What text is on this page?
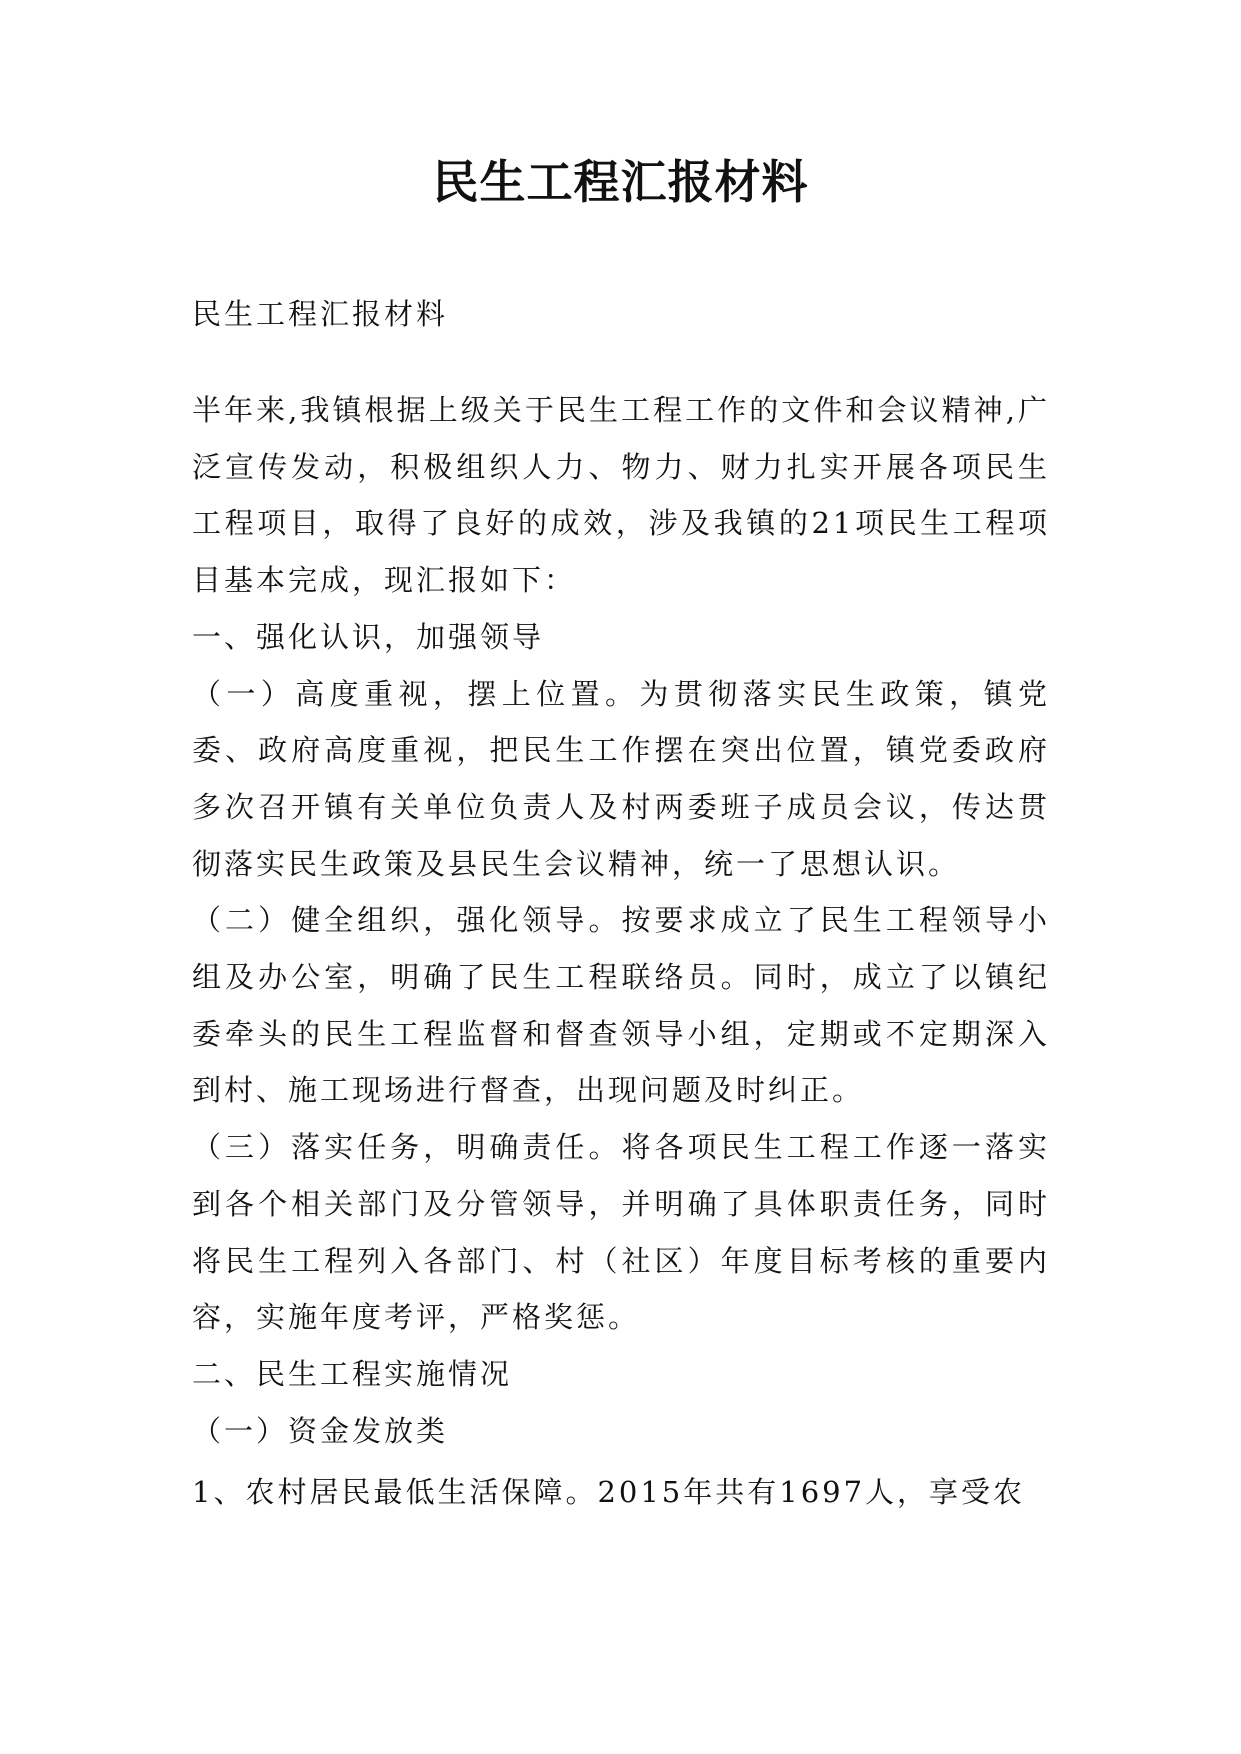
民生工程汇报材料
民生工程汇报材料

半年来,我镇根据上级关于民生工程工作的文件和会议精神,广泛宣传发动，积极组织人力、物力、财力扎实开展各项民生工程项目，取得了良好的成效，涉及我镇的21项民生工程项目基本完成，现汇报如下：

一、强化认识，加强领导

（一）高度重视，摆上位置。为贯彻落实民生政策，镇党委、政府高度重视，把民生工作摆在突出位置，镇党委政府多次召开镇有关单位负责人及村两委班子成员会议，传达贯彻落实民生政策及县民生会议精神，统一了思想认识。

（二）健全组织，强化领导。按要求成立了民生工程领导小组及办公室，明确了民生工程联络员。同时，成立了以镇纪委牵头的民生工程监督和督查领导小组，定期或不定期深入到村、施工现场进行督查，出现问题及时纠正。

（三）落实任务，明确责任。将各项民生工程工作逐一落实到各个相关部门及分管领导，并明确了具体职责任务，同时将民生工程列入各部门、村（社区）年度目标考核的重要内容，实施年度考评，严格奖惩。

二、民生工程实施情况

（一）资金发放类

1、农村居民最低生活保障。2015年共有1697人，享受农
